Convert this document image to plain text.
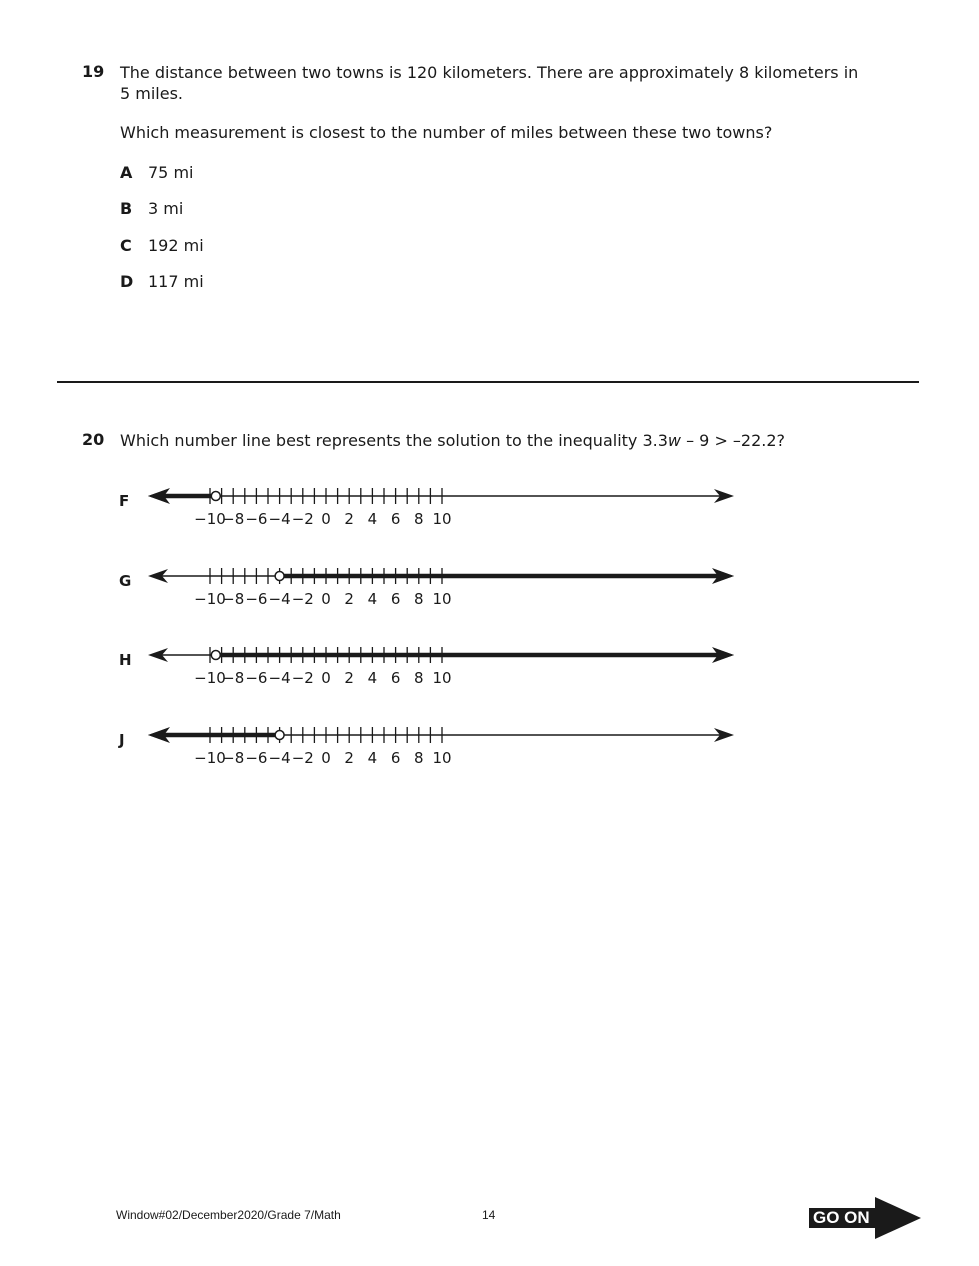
19 The distance between two towns is 120 kilometers. There are approximately 8 kilometers in
5 miles.
Which measurement is closest to the number of miles between these two towns?
A 75 mi
B 3 mi
C	192 mi
D 117 mi
20 Which number line best represents the solution to the inequality 3.3w – 9 > –22.2?
F
−10
−8 −6 −4 −2 0 2 4 6 8 10
G
−10
−8 −6 −4 −2 0 2 4 6 8 10
H
−10
−8 −6 −4 −2 0 2 4 6 8 10
J
−10
−8 −6 −4 −2 0 2 4 6 8 10
Window#02/December2020/Grade 7/Math	14	GO ON
